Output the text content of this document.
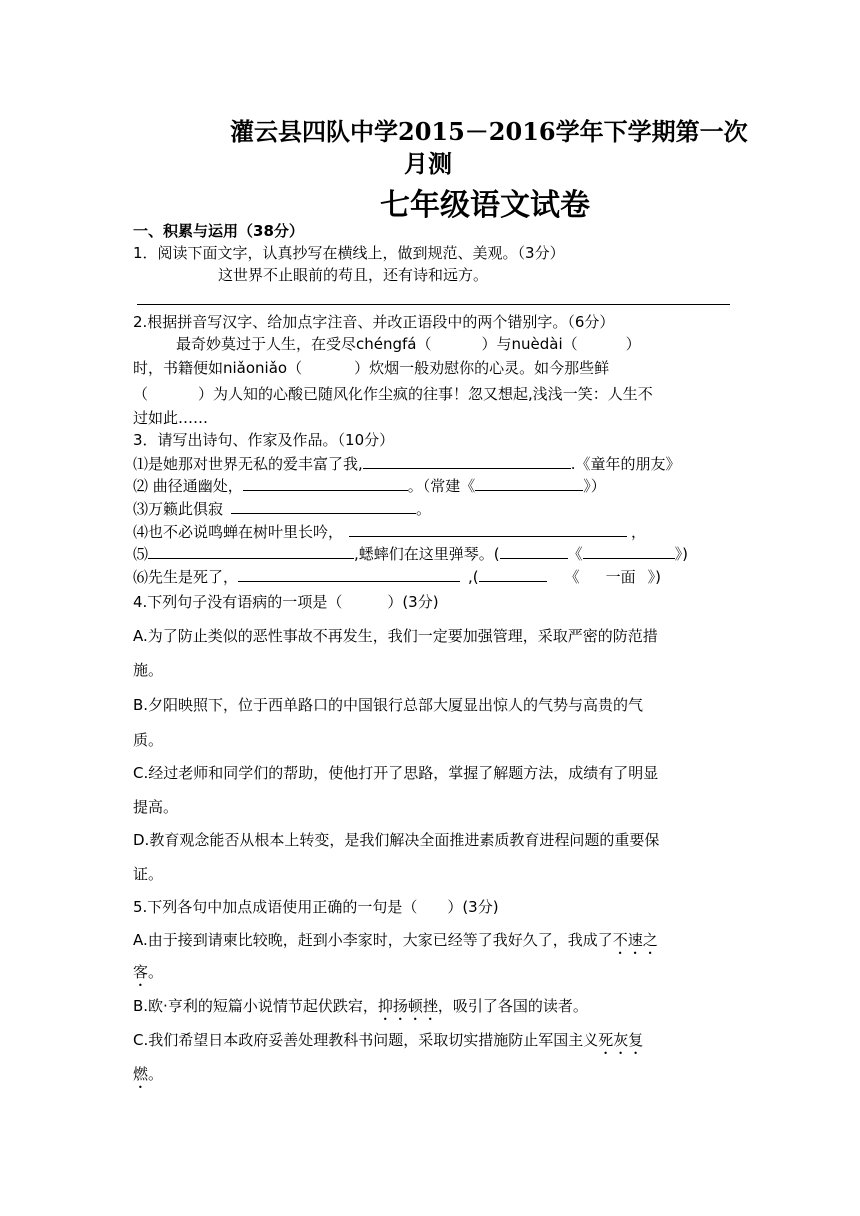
灌云县四队中学2015－2016学年下学期第一次
月测
七年级语文试卷
一、积累与运用（38分）
1．阅读下面文字，认真抄写在横线上，做到规范、美观。（3分）
这世界不止眼前的苟且，还有诗和远方。
2.根据拼音写汉字、给加点字注音、并改正语段中的两个错别字。（6分）
最奇妙莫过于人生，在受尽chéngfá（	）与nuèdài（	）
时，书籍便如niǎoniǎo（	）炊烟一般劝慰你的心灵。如今那些鲜
（	）为人知的心酸已随风化作尘疯的往事！忽又想起,浅浅一笑：人生不
过如此……
3．请写出诗句、作家及作品。（10分）
⑴是她那对世界无私的爱丰富了我,	.《童年的朋友》
⑵ 曲径通幽处，	。（常建《	》）
⑶万籁此俱寂	。
⑷也不必说鸣蝉在树叶里长吟，	，
⑸	,蟋蟀们在这里弹琴。(	《	》)
⑹先生是死了，	,(	《 一面 》)
4.下列句子没有语病的一项是（　　　）(3分)
A.为了防止类似的恶性事故不再发生，我们一定要加强管理，采取严密的防范措
施。
B.夕阳映照下，位于西单路口的中国银行总部大厦显出惊人的气势与高贵的气
质。
C.经过老师和同学们的帮助，使他打开了思路，掌握了解题方法，成绩有了明显
提高。
D.教育观念能否从根本上转变，是我们解决全面推进素质教育进程问题的重要保
证。
5.下列各句中加点成语使用正确的一句是（　　）(3分)
A.由于接到请柬比较晚，赶到小李家时，大家已经等了我好久了，我成了不速之
客。
B.欧·亨利的短篇小说情节起伏跌宕，抑扬顿挫，吸引了各国的读者。
C.我们希望日本政府妥善处理教科书问题，采取切实措施防止军国主义死灰复
燃。
